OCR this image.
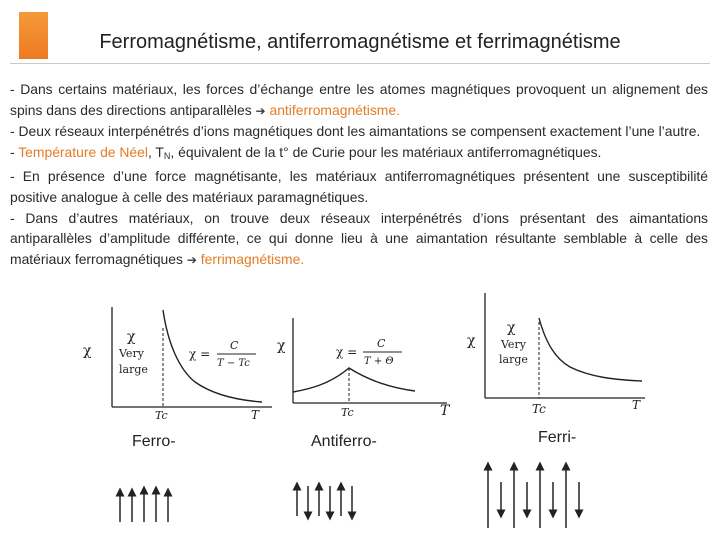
Ferromagnétisme, antiferromagnétisme et ferrimagnétisme

- Dans certains matériaux, les forces d’échange entre les atomes magnétiques provoquent un alignement des spins dans des directions antiparallèles ➔ antiferromagnétisme.

- Deux réseaux interpénétrés d’ions magnétiques dont les aimantations se compensent exactement l’une l’autre.

- Température de Néel, $T_N$, équivalent de la t° de Curie pour les matériaux antiferromagnétiques.

- En présence d’une force magnétisante, les matériaux antiferromagnétiques présentent une susceptibilité positive analogue à celle des matériaux paramagnétiques.

- Dans d’autres matériaux, on trouve deux réseaux interpénétrés d’ions présentant des aimantations antiparallèles d’amplitude différente, ce qui donne lieu à une aimantation résultante semblable à celle des matériaux ferromagnétiques ➔ ferrimagnétisme.

χ
χ
Very
large
χ =
C
T − Tc
Tc	T
χ	χ =
C
T + Θ
Tc	T
χ
χ
Very
large
Tc	T
Ferro-	Antiferro-	Ferri-
